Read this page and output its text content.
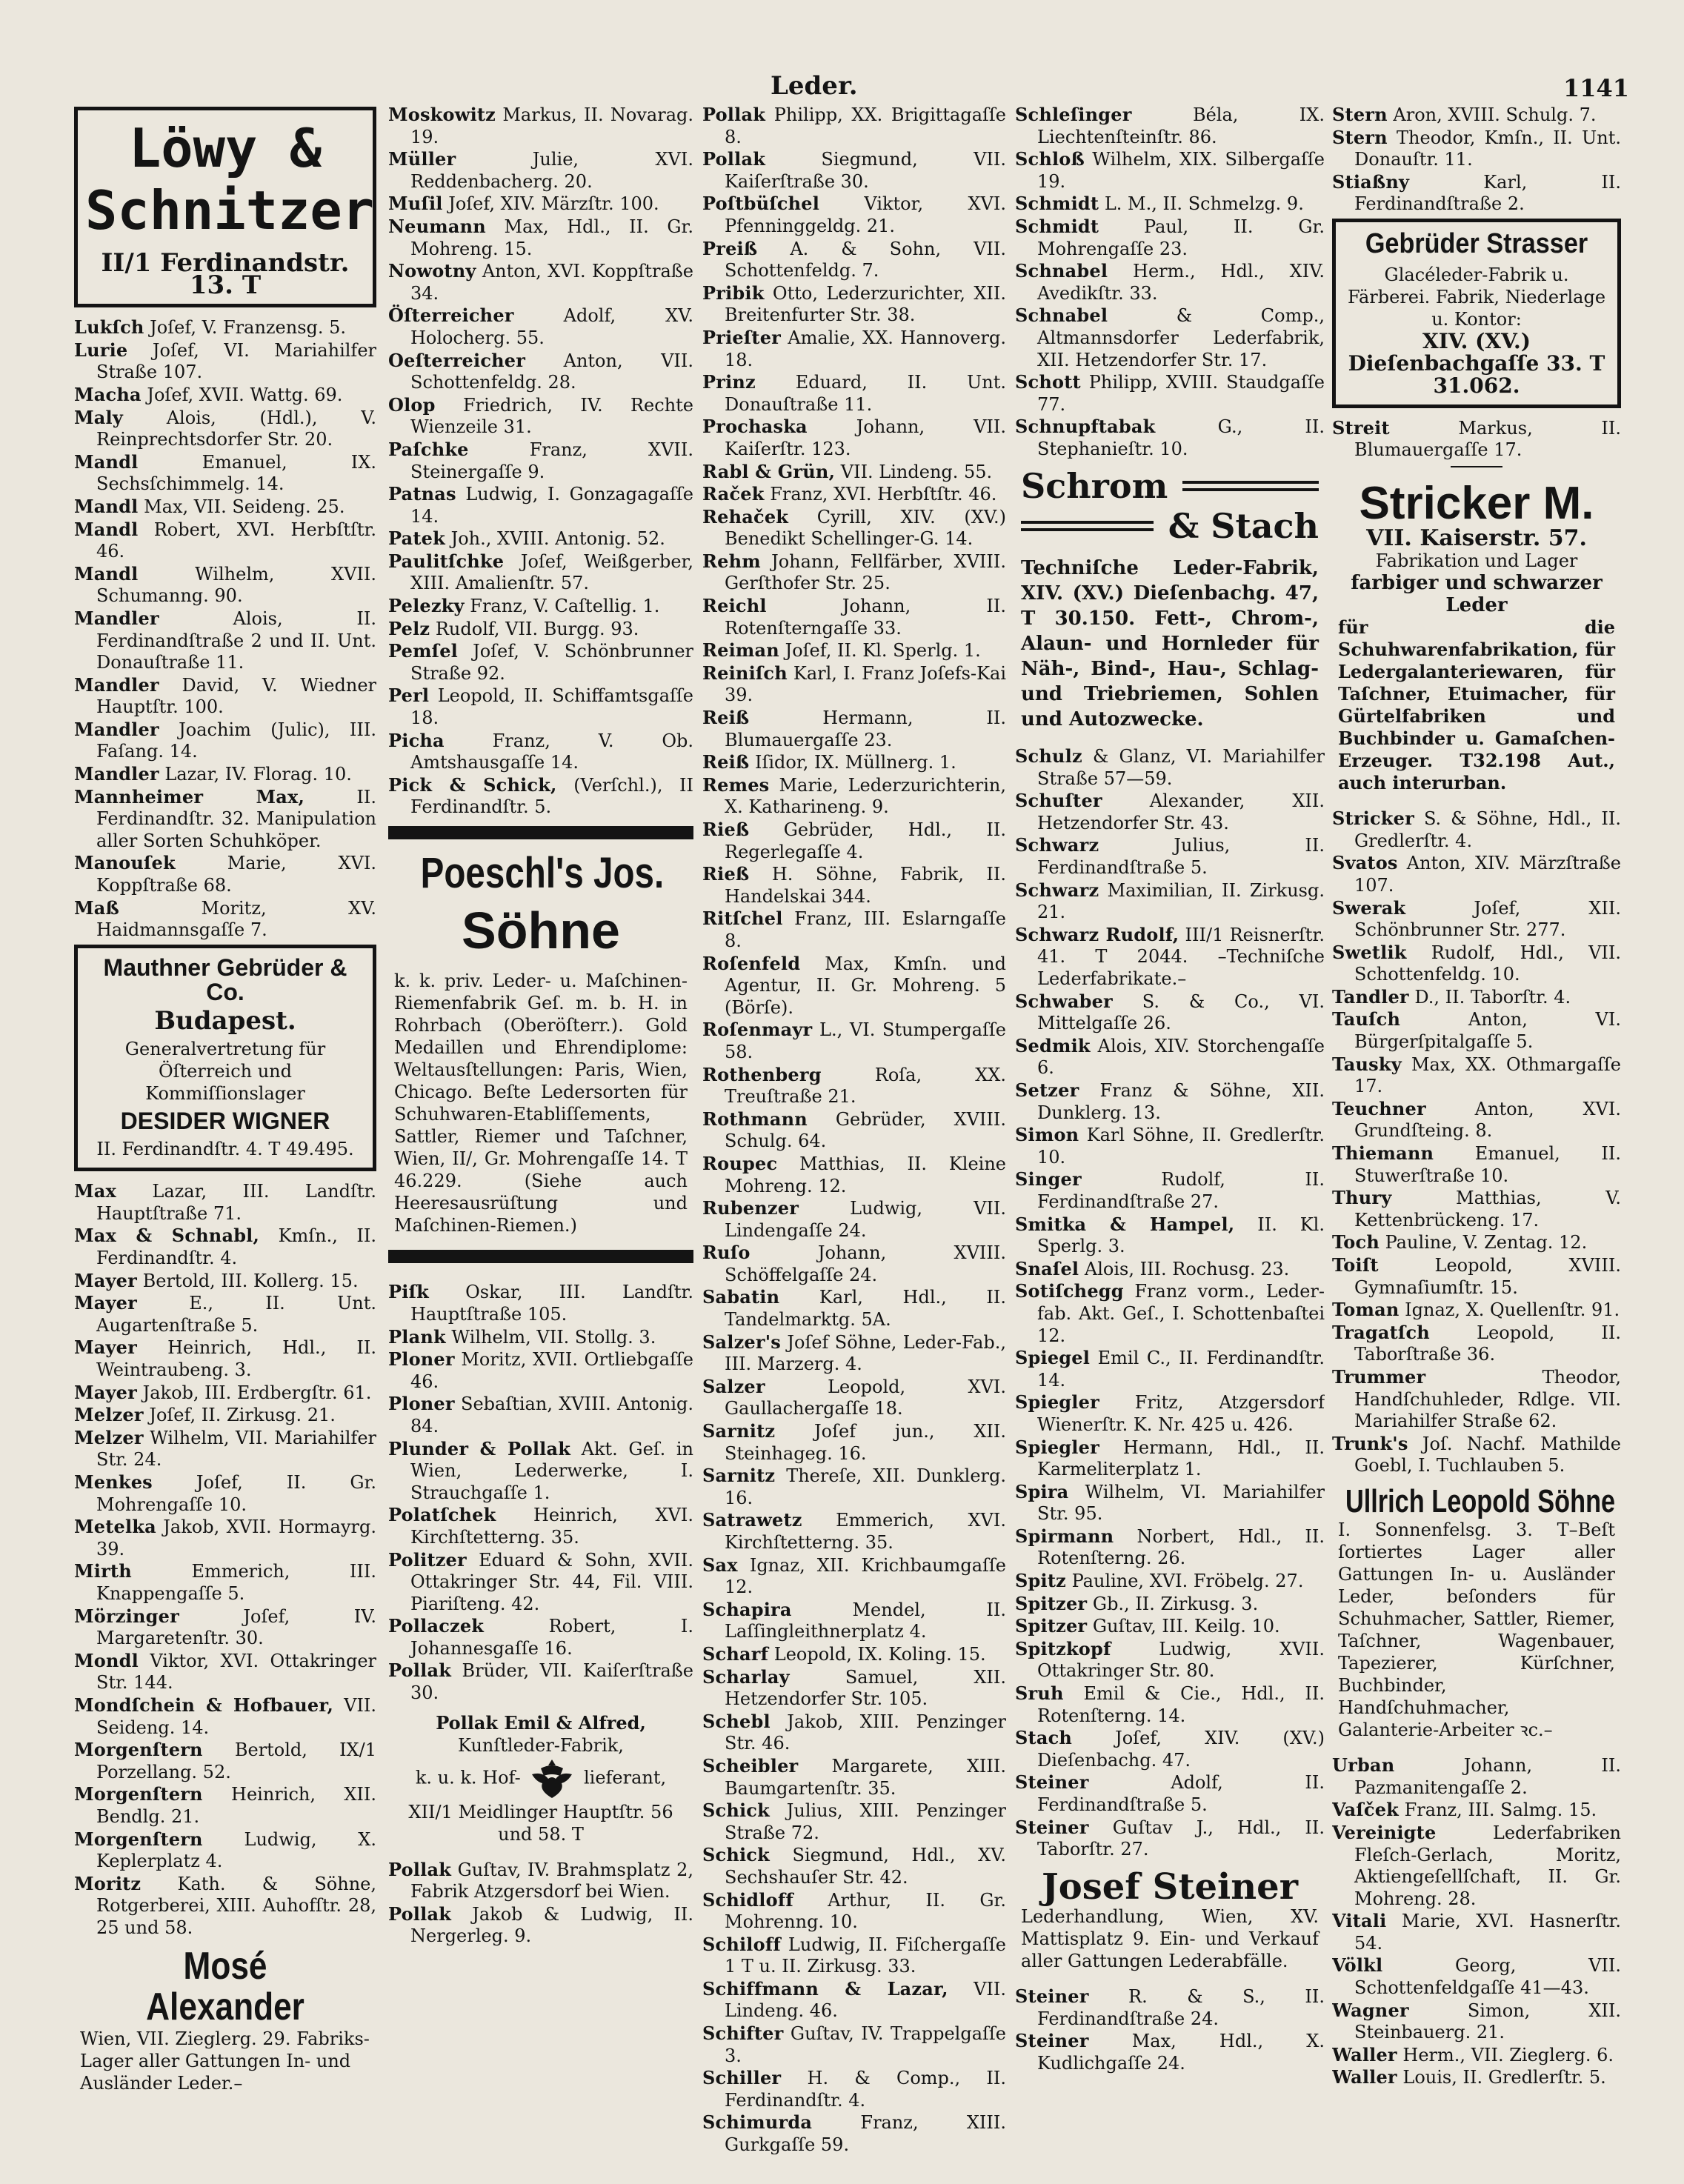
Leder.	1141
Löwy &
Schnitzer
II/1 Ferdinandstr. 13. T
Lukſch Joſef, V. Franzensg. 5.
Lurie Joſef, VI. Mariahilfer Straße 107.
Macha Joſef, XVII. Wattg. 69.
Maly Alois, (Hdl.), V. Reinprechtsdorfer Str. 20.
Mandl Emanuel, IX. Sechsſchimmelg. 14.
Mandl Max, VII. Seideng. 25.
Mandl Robert, XVI. Herbſtſtr. 46.
Mandl Wilhelm, XVII. Schumanng. 90.
Mandler Alois, II. Ferdinandſtraße 2 und II. Unt. Donauſtraße 11.
Mandler David, V. Wiedner Hauptſtr. 100.
Mandler Joachim (Julic), III. Faſang. 14.
Mandler Lazar, IV. Florag. 10.
Mannheimer Max, II. Ferdinandſtr. 32. Manipulation aller Sorten Schuhköper.
Manouſek Marie, XVI. Koppſtraße 68.
Maß Moritz, XV. Haidmannsgaſſe 7.
Mauthner Gebrüder & Co.
Budapest.
Generalvertretung für Öſterreich und Kommiſſionslager
DESIDER WIGNER
II. Ferdinandſtr. 4. T 49.495.
Max Lazar, III. Landſtr. Hauptſtraße 71.
Max & Schnabl, Kmſn., II. Ferdinandſtr. 4.
Mayer Bertold, III. Kollerg. 15.
Mayer E., II. Unt. Augartenſtraße 5.
Mayer Heinrich, Hdl., II. Weintraubeng. 3.
Mayer Jakob, III. Erdbergſtr. 61.
Melzer Joſef, II. Zirkusg. 21.
Melzer Wilhelm, VII. Mariahilfer Str. 24.
Menkes Joſef, II. Gr. Mohrengaſſe 10.
Metelka Jakob, XVII. Hormayrg. 39.
Mirth Emmerich, III. Knappengaſſe 5.
Mörzinger Joſef, IV. Margaretenſtr. 30.
Mondl Viktor, XVI. Ottakringer Str. 144.
Mondſchein & Hofbauer, VII. Seideng. 14.
Morgenſtern Bertold, IX/1 Porzellang. 52.
Morgenſtern Heinrich, XII. Bendlg. 21.
Morgenſtern Ludwig, X. Keplerplatz 4.
Moritz Kath. & Söhne, Rotgerberei, XIII. Auhofſtr. 28, 25 und 58.
Mosé Alexander
Wien, VII. Zieglerg. 29. Fabriks-Lager aller Gattungen In- und Ausländer Leder.–
Moskowitz Markus, II. Novarag. 19.
Müller Julie, XVI. Reddenbacherg. 20.
Muſil Joſef, XIV. Märzſtr. 100.
Neumann Max, Hdl., II. Gr. Mohreng. 15.
Nowotny Anton, XVI. Koppſtraße 34.
Öſterreicher Adolf, XV. Holocherg. 55.
Oeſterreicher Anton, VII. Schottenfeldg. 28.
Olop Friedrich, IV. Rechte Wienzeile 31.
Paſchke Franz, XVII. Steinergaſſe 9.
Patnas Ludwig, I. Gonzagagaſſe 14.
Patek Joh., XVIII. Antonig. 52.
Paulitſchke Joſef, Weißgerber, XIII. Amalienſtr. 57.
Pelezky Franz, V. Caſtellig. 1.
Pelz Rudolf, VII. Burgg. 93.
Pemſel Joſef, V. Schönbrunner Straße 92.
Perl Leopold, II. Schiffamtsgaſſe 18.
Picha Franz, V. Ob. Amtshausgaſſe 14.
Pick & Schick, (Verſchl.), II Ferdinandſtr. 5.
Poeschl's Jos.
Söhne
k. k. priv. Leder- u. Maſchinen-Riemenfabrik Geſ. m. b. H. in Rohrbach (Oberöſterr.). Gold Medaillen und Ehrendiplome: Weltausſtellungen: Paris, Wien, Chicago. Beſte Ledersorten für Schuhwaren-Etabliſſements, Sattler, Riemer und Taſchner, Wien, II/, Gr. Mohrengaſſe 14. T 46.229. (Siehe auch Heeresausrüſtung und Maſchinen-Riemen.)
Piſk Oskar, III. Landſtr. Hauptſtraße 105.
Plank Wilhelm, VII. Stollg. 3.
Ploner Moritz, XVII. Ortliebgaſſe 46.
Ploner Sebaſtian, XVIII. Antonig. 84.
Plunder & Pollak Akt. Geſ. in Wien, Lederwerke, I. Strauchgaſſe 1.
Polatſchek Heinrich, XVI. Kirchſtetterng. 35.
Politzer Eduard & Sohn, XVII. Ottakringer Str. 44, Fil. VIII. Piariſteng. 42.
Pollaczek Robert, I. Johannesgaſſe 16.
Pollak Brüder, VII. Kaiſerſtraße 30.
Pollak Emil & Alfred,
Kunſtleder-Fabrik,
k. u. k. Hof-	lieferant,
XII/1 Meidlinger Hauptſtr. 56 und 58. T
Pollak Guſtav, IV. Brahmsplatz 2, Fabrik Atzgersdorf bei Wien.
Pollak Jakob & Ludwig, II. Nergerleg. 9.
Pollak Philipp, XX. Brigittagaſſe 8.
Pollak Siegmund, VII. Kaiſerſtraße 30.
Poſtbüſchel Viktor, XVI. Pfenninggeldg. 21.
Preiß A. & Sohn, VII. Schottenfeldg. 7.
Pribik Otto, Lederzurichter, XII. Breitenfurter Str. 38.
Prieſter Amalie, XX. Hannoverg. 18.
Prinz Eduard, II. Unt. Donauſtraße 11.
Prochaska Johann, VII. Kaiſerſtr. 123.
Rabl & Grün, VII. Lindeng. 55.
Raček Franz, XVI. Herbſtſtr. 46.
Rehaček Cyrill, XIV. (XV.) Benedikt Schellinger-G. 14.
Rehm Johann, Fellfärber, XVIII. Gerſthofer Str. 25.
Reichl Johann, II. Rotenſterngaſſe 33.
Reiman Joſef, II. Kl. Sperlg. 1.
Reiniſch Karl, I. Franz Joſefs-Kai 39.
Reiß Hermann, II. Blumauergaſſe 23.
Reiß Iſidor, IX. Müllnerg. 1.
Remes Marie, Lederzurichterin, X. Katharineng. 9.
Rieß Gebrüder, Hdl., II. Regerlegaſſe 4.
Rieß H. Söhne, Fabrik, II. Handelskai 344.
Ritſchel Franz, III. Eslarngaſſe 8.
Roſenfeld Max, Kmſn. und Agentur, II. Gr. Mohreng. 5 (Börſe).
Roſenmayr L., VI. Stumpergaſſe 58.
Rothenberg Roſa, XX. Treuſtraße 21.
Rothmann Gebrüder, XVIII. Schulg. 64.
Roupec Matthias, II. Kleine Mohreng. 12.
Rubenzer Ludwig, VII. Lindengaſſe 24.
Ruſo Johann, XVIII. Schöffelgaſſe 24.
Sabatin Karl, Hdl., II. Tandelmarktg. 5A.
Salzer's Joſef Söhne, Leder-Fab., III. Marzerg. 4.
Salzer Leopold, XVI. Gaullachergaſſe 18.
Sarnitz Joſef jun., XII. Steinhageg. 16.
Sarnitz Thereſe, XII. Dunklerg. 16.
Satrawetz Emmerich, XVI. Kirchſtetterng. 35.
Sax Ignaz, XII. Krichbaumgaſſe 12.
Schapira Mendel, II. Laſſingleithnerplatz 4.
Scharf Leopold, IX. Koling. 15.
Scharlay Samuel, XII. Hetzendorfer Str. 105.
Schebl Jakob, XIII. Penzinger Str. 46.
Scheibler Margarete, XIII. Baumgartenſtr. 35.
Schick Julius, XIII. Penzinger Straße 72.
Schick Siegmund, Hdl., XV. Sechshauſer Str. 42.
Schidloff Arthur, II. Gr. Mohrenng. 10.
Schiloff Ludwig, II. Fiſchergaſſe 1 T u. II. Zirkusg. 33.
Schiffmann & Lazar, VII. Lindeng. 46.
Schifter Guſtav, IV. Trappelgaſſe 3.
Schiller H. & Comp., II. Ferdinandſtr. 4.
Schimurda Franz, XIII. Gurkgaſſe 59.
Schleſinger Béla, IX. Liechtenſteinſtr. 86.
Schloß Wilhelm, XIX. Silbergaſſe 19.
Schmidt L. M., II. Schmelzg. 9.
Schmidt Paul, II. Gr. Mohrengaſſe 23.
Schnabel Herm., Hdl., XIV. Avedikſtr. 33.
Schnabel & Comp., Altmannsdorfer Lederfabrik, XII. Hetzendorfer Str. 17.
Schott Philipp, XVIII. Staudgaſſe 77.
Schnupftabak G., II. Stephanieſtr. 10.
Schrom
& Stach
Techniſche Leder-Fabrik, XIV. (XV.) Dieſenbachg. 47, T 30.150. Fett-, Chrom-, Alaun- und Hornleder für Näh-, Bind-, Hau-, Schlag- und Triebriemen, Sohlen und Autozwecke.
Schulz & Glanz, VI. Mariahilfer Straße 57—59.
Schuſter Alexander, XII. Hetzendorfer Str. 43.
Schwarz Julius, II. Ferdinandſtraße 5.
Schwarz Maximilian, II. Zirkusg. 21.
Schwarz Rudolf, III/1 Reisnerſtr. 41. T 2044. –Techniſche Lederfabrikate.–
Schwaber S. & Co., VI. Mittelgaſſe 26.
Sedmik Alois, XIV. Storchengaſſe 6.
Setzer Franz & Söhne, XII. Dunklerg. 13.
Simon Karl Söhne, II. Gredlerſtr. 10.
Singer Rudolf, II. Ferdinandſtraße 27.
Smitka & Hampel, II. Kl. Sperlg. 3.
Snaſel Alois, III. Rochusg. 23.
Sotiſchegg Franz vorm., Leder-fab. Akt. Geſ., I. Schottenbaſtei 12.
Spiegel Emil C., II. Ferdinandſtr. 14.
Spiegler Fritz, Atzgersdorf Wienerſtr. K. Nr. 425 u. 426.
Spiegler Hermann, Hdl., II. Karmeliterplatz 1.
Spira Wilhelm, VI. Mariahilfer Str. 95.
Spirmann Norbert, Hdl., II. Rotenſterng. 26.
Spitz Pauline, XVI. Fröbelg. 27.
Spitzer Gb., II. Zirkusg. 3.
Spitzer Guſtav, III. Keilg. 10.
Spitzkopf Ludwig, XVII. Ottakringer Str. 80.
Sruh Emil & Cie., Hdl., II. Rotenſterng. 14.
Stach Joſef, XIV. (XV.) Dieſenbachg. 47.
Steiner Adolf, II. Ferdinandſtraße 5.
Steiner Guſtav J., Hdl., II. Taborſtr. 27.
Josef Steiner
Lederhandlung, Wien, XV. Mattisplatz 9. Ein- und Verkauf aller Gattungen Lederabfälle.
Steiner R. & S., II. Ferdinandſtraße 24.
Steiner Max, Hdl., X. Kudlichgaſſe 24.
Stern Aron, XVIII. Schulg. 7.
Stern Theodor, Kmſn., II. Unt. Donauſtr. 11.
Stiaßny Karl, II. Ferdinandſtraße 2.
Gebrüder Strasser
Glacéleder-Fabrik u. Färberei. Fabrik, Niederlage u. Kontor:
XIV. (XV.) Dieſenbachgaſſe 33. T 31.062.
Streit Markus, II. Blumauergaſſe 17.
Stricker M.
VII. Kaiserstr. 57.
Fabrikation und Lager
farbiger und schwarzer Leder
für die Schuhwarenfabrikation, für Ledergalanteriewaren, für Taſchner, Etuimacher, für Gürtelfabriken und Buchbinder u. Gamaſchen-Erzeuger. T32.198 Aut., auch interurban.
Stricker S. & Söhne, Hdl., II. Gredlerſtr. 4.
Svatos Anton, XIV. Märzſtraße 107.
Swerak Joſef, XII. Schönbrunner Str. 277.
Swetlik Rudolf, Hdl., VII. Schottenfeldg. 10.
Tandler D., II. Taborſtr. 4.
Tauſch Anton, VI. Bürgerſpitalgaſſe 5.
Tausky Max, XX. Othmargaſſe 17.
Teuchner Anton, XVI. Grundſteing. 8.
Thiemann Emanuel, II. Stuwerſtraße 10.
Thury Matthias, V. Kettenbrückeng. 17.
Toch Pauline, V. Zentag. 12.
Toiſt Leopold, XVIII. Gymnaſiumſtr. 15.
Toman Ignaz, X. Quellenſtr. 91.
Tragatſch Leopold, II. Taborſtraße 36.
Trummer Theodor, Handſchuhleder, Rdlge. VII. Mariahilfer Straße 62.
Trunk's Joſ. Nachf. Mathilde Goebl, I. Tuchlauben 5.
Ullrich Leopold Söhne
I. Sonnenfelsg. 3. T–Beſt ſortiertes Lager aller Gattungen In- u. Ausländer Leder, beſonders für Schuhmacher, Sattler, Riemer, Taſchner, Wagenbauer, Tapezierer, Kürſchner, Buchbinder, Handſchuhmacher, Galanterie-Arbeiter ꝛc.–
Urban Johann, II. Pazmanitengaſſe 2.
Vaſček Franz, III. Salmg. 15.
Vereinigte Lederfabriken Fleſch-Gerlach, Moritz, Aktiengeſellſchaft, II. Gr. Mohreng. 28.
Vitali Marie, XVI. Hasnerſtr. 54.
Völkl Georg, VII. Schottenfeldgaſſe 41—43.
Wagner Simon, XII. Steinbauerg. 21.
Waller Herm., VII. Zieglerg. 6.
Waller Louis, II. Gredlerſtr. 5.
